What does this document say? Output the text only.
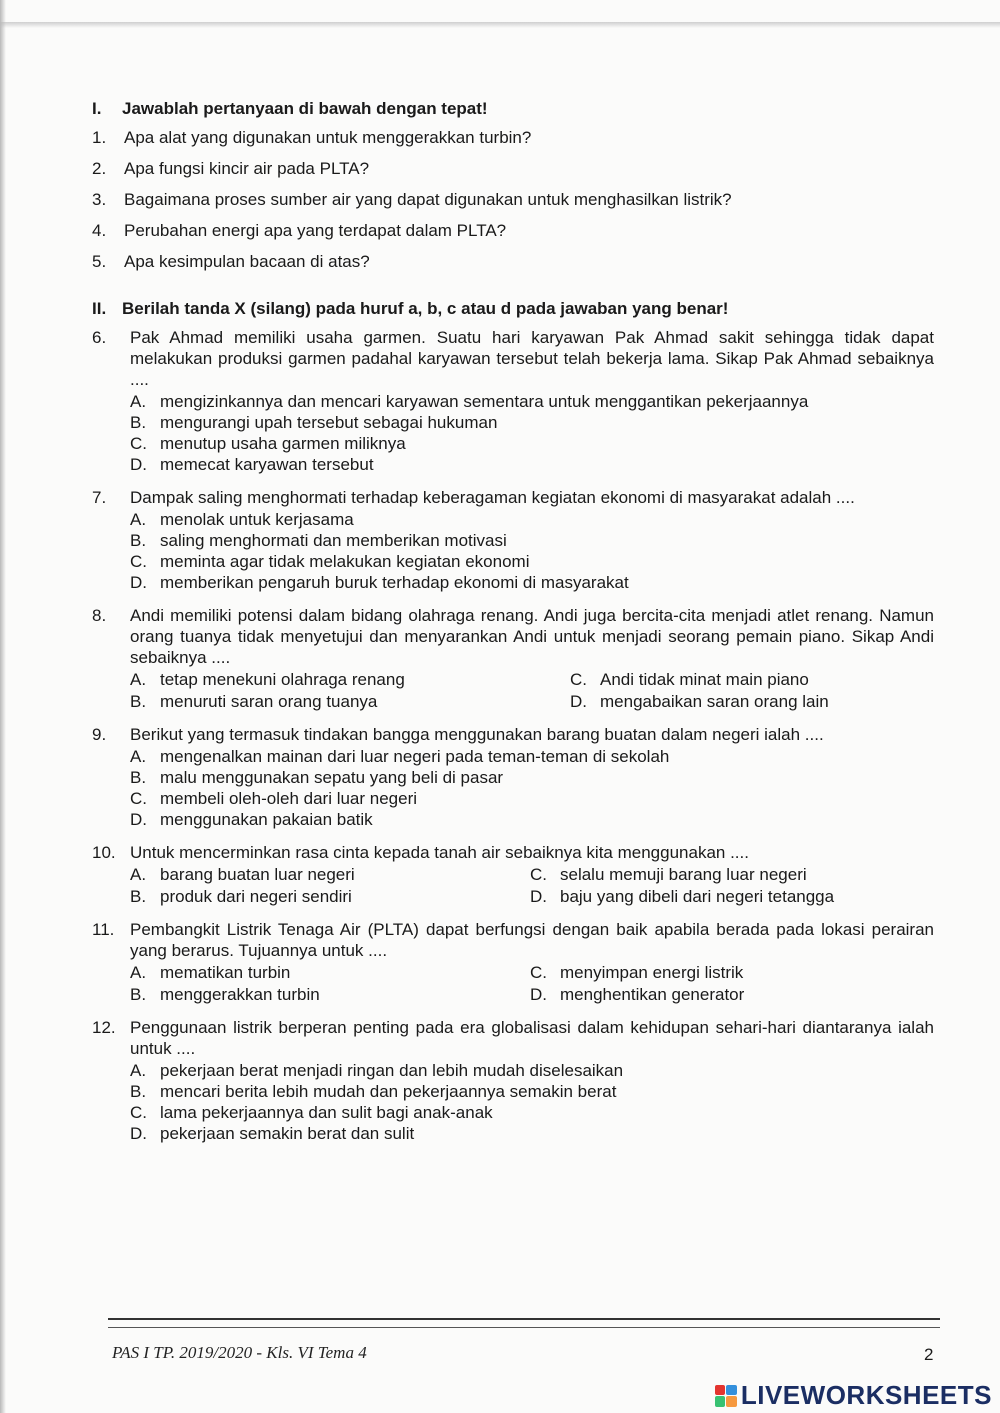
I.	Jawablah pertanyaan di bawah dengan tepat!
1.	Apa alat yang digunakan untuk menggerakkan turbin?
2.	Apa fungsi kincir air pada PLTA?
3.	Bagaimana proses sumber air yang dapat digunakan untuk menghasilkan listrik?
4.	Perubahan energi apa yang terdapat dalam PLTA?
5.	Apa kesimpulan bacaan di atas?
II. Berilah tanda X (silang) pada huruf a, b, c atau d pada jawaban yang benar!
6.	Pak Ahmad memiliki usaha garmen. Suatu hari karyawan Pak Ahmad sakit sehingga tidak dapat melakukan produksi garmen padahal karyawan tersebut telah bekerja lama. Sikap Pak Ahmad sebaiknya ....
A. mengizinkannya dan mencari karyawan sementara untuk menggantikan pekerjaannya
B. mengurangi upah tersebut sebagai hukuman
C. menutup usaha garmen miliknya
D. memecat karyawan tersebut
7.	Dampak saling menghormati terhadap keberagaman kegiatan ekonomi di masyarakat adalah ....
A. menolak untuk kerjasama
B. saling menghormati dan memberikan motivasi
C. meminta agar tidak melakukan kegiatan ekonomi
D. memberikan pengaruh buruk terhadap ekonomi di masyarakat
8.	Andi memiliki potensi dalam bidang olahraga renang. Andi juga bercita-cita menjadi atlet renang. Namun orang tuanya tidak menyetujui dan menyarankan Andi untuk menjadi seorang pemain piano. Sikap Andi sebaiknya ....
A. tetap menekuni olahraga renang	C. Andi tidak minat main piano
B. menuruti saran orang tuanya	D. mengabaikan saran orang lain
9.	Berikut yang termasuk tindakan bangga menggunakan barang buatan dalam negeri ialah ....
A. mengenalkan mainan dari luar negeri pada teman-teman di sekolah
B. malu menggunakan sepatu yang beli di pasar
C. membeli oleh-oleh dari luar negeri
D. menggunakan pakaian batik
10. Untuk mencerminkan rasa cinta kepada tanah air sebaiknya kita menggunakan ....
A. barang buatan luar negeri	C. selalu memuji barang luar negeri
B. produk dari negeri sendiri	D. baju yang dibeli dari negeri tetangga
11. Pembangkit Listrik Tenaga Air (PLTA) dapat berfungsi dengan baik apabila berada pada lokasi perairan yang berarus. Tujuannya untuk ....
A. mematikan turbin	C. menyimpan energi listrik
B. menggerakkan turbin	D. menghentikan generator
12. Penggunaan listrik berperan penting pada era globalisasi dalam kehidupan sehari-hari diantaranya ialah untuk ....
A. pekerjaan berat menjadi ringan dan lebih mudah diselesaikan
B. mencari berita lebih mudah dan pekerjaannya semakin berat
C. lama pekerjaannya dan sulit bagi anak-anak
D. pekerjaan semakin berat dan sulit
PAS I TP. 2019/2020 - Kls. VI Tema 4	2
LIVEWORKSHEETS
